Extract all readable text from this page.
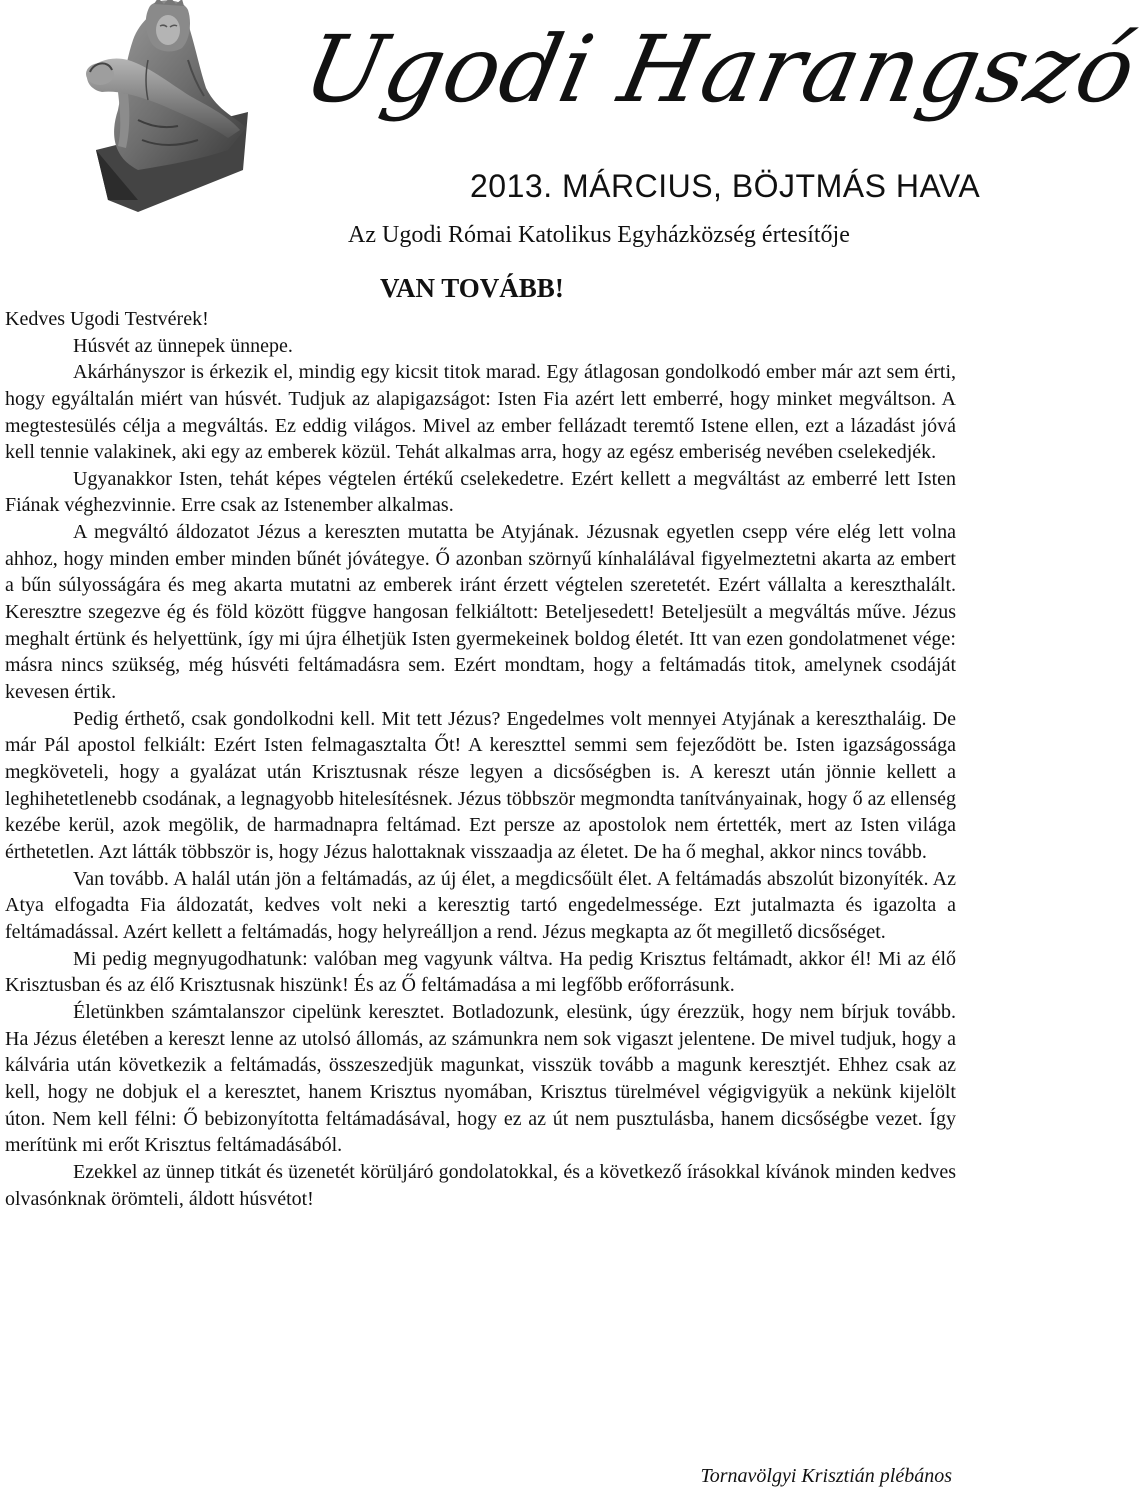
Ugodi Harangszó
2013. MÁRCIUS, BÖJTMÁS HAVA
Az Ugodi Római Katolikus Egyházközség értesítője
VAN TOVÁBB!

Kedves Ugodi Testvérek!

Húsvét az ünnepek ünnepe.

Akárhányszor is érkezik el, mindig egy kicsit titok marad. Egy átlagosan gondolkodó ember már azt sem érti, hogy egyáltalán miért van húsvét. Tudjuk az alapigazságot: Isten Fia azért lett emberré, hogy minket megváltson. A megtestesülés célja a megváltás. Ez eddig világos. Mivel az ember fellázadt teremtő Istene ellen, ezt a lázadást jóvá kell tennie valakinek, aki egy az emberek közül. Tehát alkalmas arra, hogy az egész emberiség nevében cselekedjék.

Ugyanakkor Isten, tehát képes végtelen értékű cselekedetre. Ezért kellett a megváltást az emberré lett Isten Fiának véghezvinnie. Erre csak az Istenember alkalmas.

A megváltó áldozatot Jézus a kereszten mutatta be Atyjának. Jézusnak egyetlen csepp vére elég lett volna ahhoz, hogy minden ember minden bűnét jóvátegye. Ő azonban szörnyű kínhalálával figyelmeztetni akarta az embert a bűn súlyosságára és meg akarta mutatni az emberek iránt érzett végtelen szeretetét. Ezért vállalta a kereszthalált. Keresztre szegezve ég és föld között függve hangosan felkiáltott: Beteljesedett! Beteljesült a megváltás műve. Jézus meghalt értünk és helyettünk, így mi újra élhetjük Isten gyermekeinek boldog életét. Itt van ezen gondolatmenet vége: másra nincs szükség, még húsvéti feltámadásra sem. Ezért mondtam, hogy a feltámadás titok, amelynek csodáját kevesen értik.

Pedig érthető, csak gondolkodni kell. Mit tett Jézus? Engedelmes volt mennyei Atyjának a kereszthaláig. De már Pál apostol felkiált: Ezért Isten felmagasztalta Őt! A kereszttel semmi sem fejeződött be. Isten igazságossága megköveteli, hogy a gyalázat után Krisztusnak része legyen a dicsőségben is. A kereszt után jönnie kellett a leghihetetlenebb csodának, a legnagyobb hitelesítésnek. Jézus többször megmondta tanítványainak, hogy ő az ellenség kezébe kerül, azok megölik, de harmadnapra feltámad. Ezt persze az apostolok nem értették, mert az Isten világa érthetetlen. Azt látták többször is, hogy Jézus halottaknak visszaadja az életet. De ha ő meghal, akkor nincs tovább.

Van tovább. A halál után jön a feltámadás, az új élet, a megdicsőült élet. A feltámadás abszolút bizonyíték. Az Atya elfogadta Fia áldozatát, kedves volt neki a keresztig tartó engedelmessége. Ezt jutalmazta és igazolta a feltámadással. Azért kellett a feltámadás, hogy helyreálljon a rend. Jézus megkapta az őt megillető dicsőséget.

Mi pedig megnyugodhatunk: valóban meg vagyunk váltva. Ha pedig Krisztus feltámadt, akkor él! Mi az élő Krisztusban és az élő Krisztusnak hiszünk! És az Ő feltámadása a mi legfőbb erőforrásunk.

Életünkben számtalanszor cipelünk keresztet. Botladozunk, elesünk, úgy érezzük, hogy nem bírjuk tovább. Ha Jézus életében a kereszt lenne az utolsó állomás, az számunkra nem sok vigaszt jelentene. De mivel tudjuk, hogy a kálvária után következik a feltámadás, összeszedjük magunkat, visszük tovább a magunk keresztjét. Ehhez csak az kell, hogy ne dobjuk el a keresztet, hanem Krisztus nyomában, Krisztus türelmével végigvigyük a nekünk kijelölt úton. Nem kell félni: Ő bebizonyította feltámadásával, hogy ez az út nem pusztulásba, hanem dicsőségbe vezet. Így merítünk mi erőt Krisztus feltámadásából.

Ezekkel az ünnep titkát és üzenetét körüljáró gondolatokkal, és a következő írásokkal kívánok minden kedves olvasónknak örömteli, áldott húsvétot!

Tornavölgyi Krisztián plébános
